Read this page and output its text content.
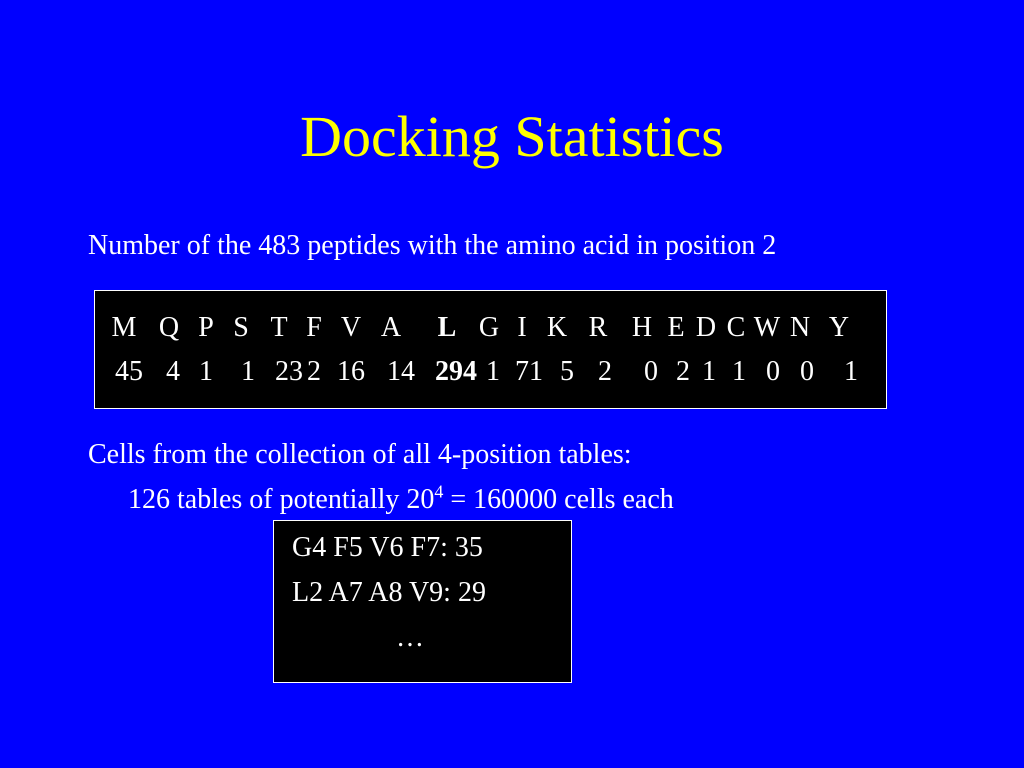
Docking Statistics
Number of the 483 peptides with the amino acid in position 2
M Q P S T F V A	L G I K R H E D C W N Y
45 4 1	1 23 2 16 14 294 1 71 5 2	0 2 1 1 0 0	1
Cells from the collection of all 4-position tables:
126 tables of potentially $20^4 = 160000$ cells each
G4 F5 V6 F7: 35
L2 A7 A8 V9: 29
…
